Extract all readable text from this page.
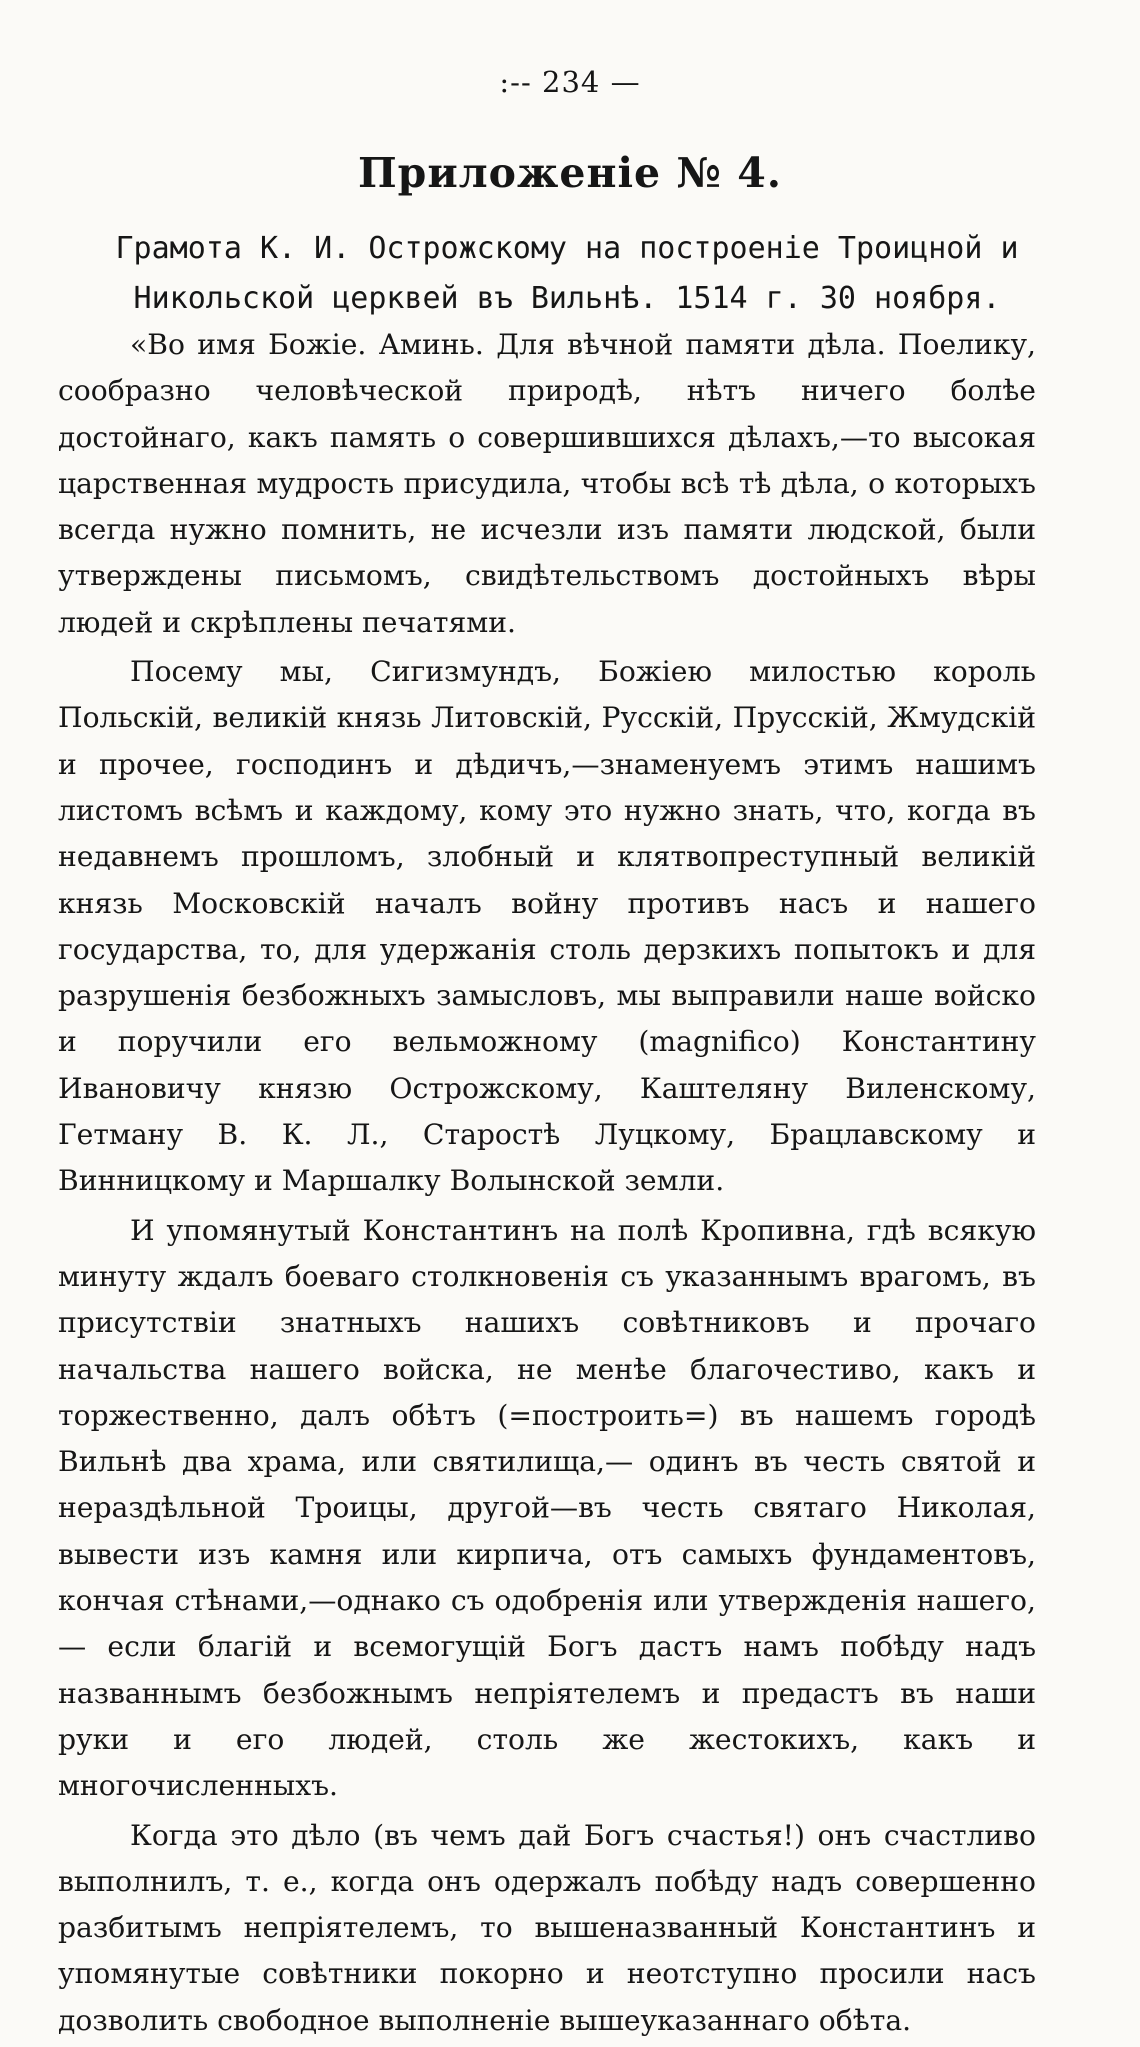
:-- 234 —
Приложеніе № 4.
Грамота К. И. Острожскому на построеніе Троицной и Никольской церквей въ Вильнѣ. 1514 г. 30 ноября.

«Во имя Божіе. Аминь. Для вѣчной памяти дѣла. Поелику, сообразно человѣческой природѣ, нѣтъ ничего болѣе достойнаго, какъ память о совершившихся дѣлахъ,—то высокая царственная мудрость присудила, чтобы всѣ тѣ дѣла, о которыхъ всегда нужно помнить, не исчезли изъ памяти людской, были утверждены письмомъ, свидѣтельствомъ достойныхъ вѣры людей и скрѣплены печатями.

Посему мы, Сигизмундъ, Божіею милостью король Польскій, великій князь Литовскій, Русскій, Прусскій, Жмудскій и прочее, господинъ и дѣдичъ,—знаменуемъ этимъ нашимъ листомъ всѣмъ и каждому, кому это нужно знать, что, когда въ недавнемъ прошломъ, злобный и клятвопреступный великій князь Московскій началъ войну противъ насъ и нашего государства, то, для удержанія столь дерзкихъ попытокъ и для разрушенія безбожныхъ замысловъ, мы выправили наше войско и поручили его вельможному (magnifico) Константину Ивановичу князю Острожскому, Каштеляну Виленскому, Гетману В. К. Л., Старостѣ Луцкому, Брацлавскому и Винницкому и Маршалку Волынской земли.

И упомянутый Константинъ на полѣ Кропивна, гдѣ всякую минуту ждалъ боеваго столкновенія съ указаннымъ врагомъ, въ присутствіи знатныхъ нашихъ совѣтниковъ и прочаго начальства нашего войска, не менѣе благочестиво, какъ и торжественно, далъ обѣтъ (=построить=) въ нашемъ городѣ Вильнѣ два храма, или святилища,— одинъ въ честь святой и нераздѣльной Троицы, другой—въ честь святаго Николая, вывести изъ камня или кирпича, отъ самыхъ фундаментовъ, кончая стѣнами,—однако съ одобренія или утвержденія нашего,— если благій и всемогущій Богъ дастъ намъ побѣду надъ названнымъ безбожнымъ непріятелемъ и предастъ въ наши руки и его людей, столь же жестокихъ, какъ и многочисленныхъ.

Когда это дѣло (въ чемъ дай Богъ счастья!) онъ счастливо выполнилъ, т. е., когда онъ одержалъ побѣду надъ совершенно разбитымъ непріятелемъ, то вышеназванный Константинъ и упомянутые совѣтники покорно и неотступно просили насъ дозволить свободное выполненіе вышеуказаннаго обѣта.
